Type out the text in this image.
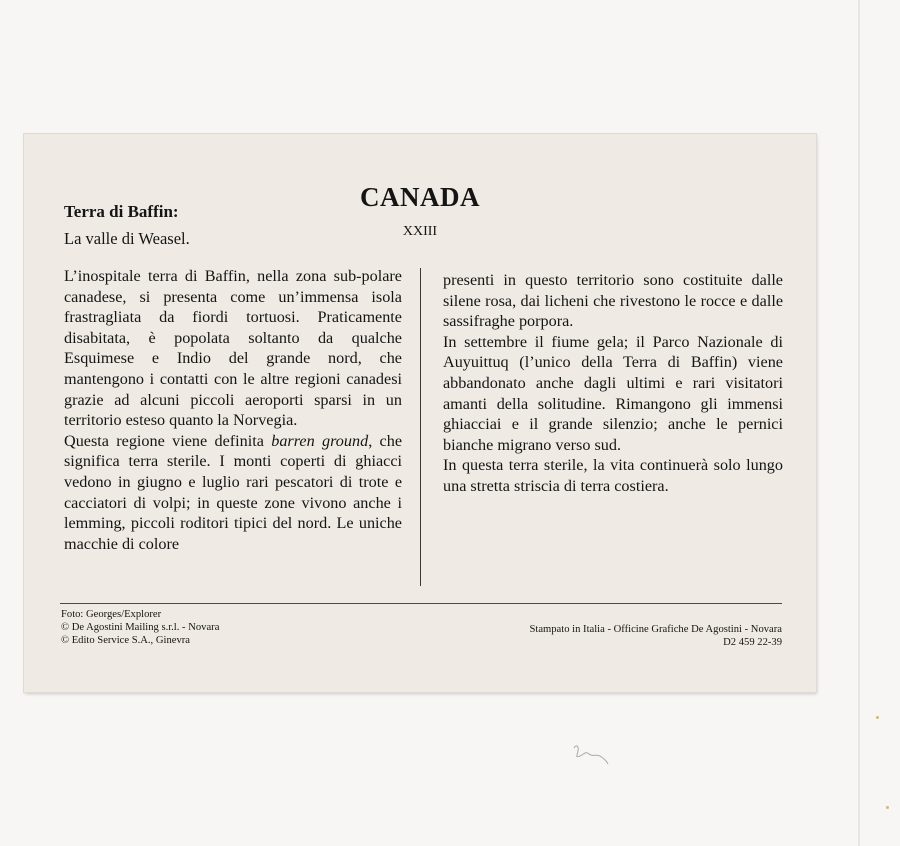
CANADA
XXIII
Terra di Baffin:
La valle di Weasel.

L’inospitale terra di Baffin, nella zona sub-polare canadese, si presenta come un’immensa isola frastragliata da fiordi tortuosi. Praticamente disabitata, è popolata soltanto da qualche Esquimese e Indio del grande nord, che mantengono i contatti con le altre regioni canadesi grazie ad alcuni piccoli aeroporti sparsi in un territorio esteso quanto la Norvegia.

Questa regione viene definita barren ground, che significa terra sterile. I monti coperti di ghiacci vedono in giugno e luglio rari pescatori di trote e cacciatori di volpi; in queste zone vivono anche i lemming, piccoli roditori tipici del nord. Le uniche macchie di colore

presenti in questo territorio sono costituite dalle silene rosa, dai licheni che rivestono le rocce e dalle sassifraghe porpora.

In settembre il fiume gela; il Parco Nazionale di Auyuittuq (l’unico della Terra di Baffin) viene abbandonato anche dagli ultimi e rari visitatori amanti della solitudine. Rimangono gli immensi ghiacciai e il grande silenzio; anche le pernici bianche migrano verso sud.

In questa terra sterile, la vita continuerà solo lungo una stretta striscia di terra costiera.

Foto: Georges/Explorer
© De Agostini Mailing s.r.l. - Novara
© Edito Service S.A., Ginevra
Stampato in Italia - Officine Grafiche De Agostini - Novara
D2 459 22-39
